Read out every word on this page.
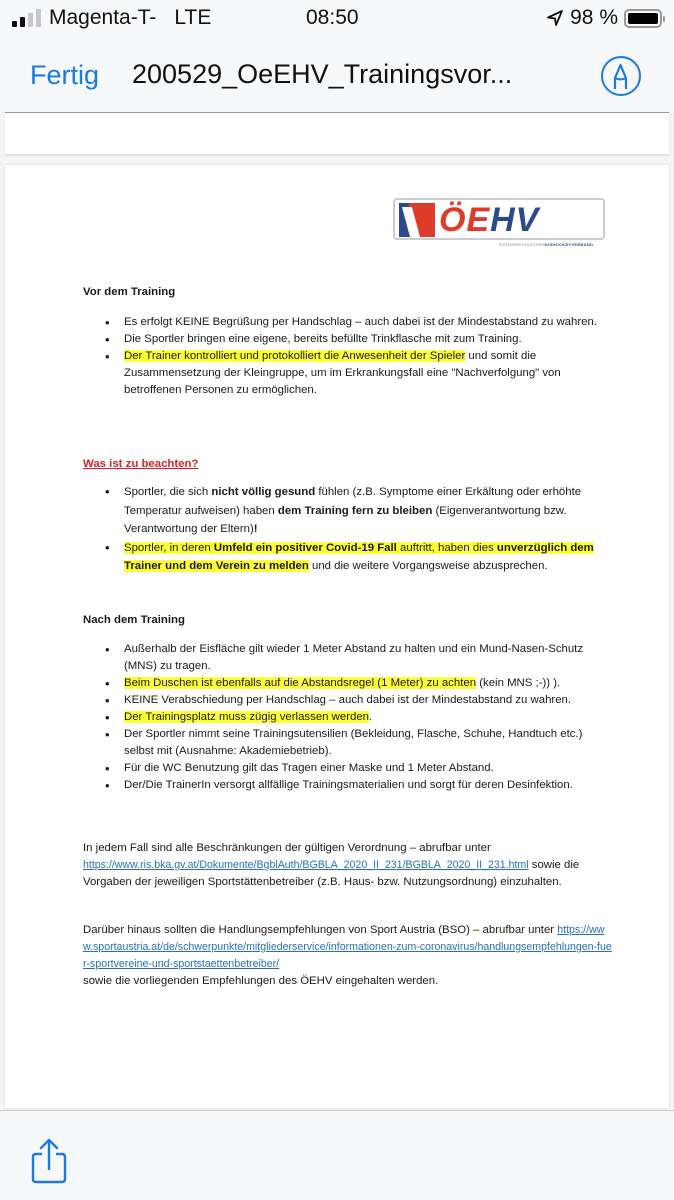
Magenta-T- LTE	08:50	98 %
Fertig 200529_OeEHV_Trainingsvor...
ÖEHV
ÖSTERREICHISCHEREISHOCKEYVERBAND
Vor dem Training
• Es erfolgt KEINE Begrüßung per Handschlag – auch dabei ist der Mindestabstand zu wahren.
• Die Sportler bringen eine eigene, bereits befüllte Trinkflasche mit zum Training.
• Der Trainer kontrolliert und protokolliert die Anwesenheit der Spieler und somit die Zusammensetzung der Kleingruppe, um im Erkrankungsfall eine "Nachverfolgung" von betroffenen Personen zu ermöglichen.
Was ist zu beachten?
• Sportler, die sich nicht völlig gesund fühlen (z.B. Symptome einer Erkältung oder erhöhte Temperatur aufweisen) haben dem Training fern zu bleiben (Eigenverantwortung bzw. Verantwortung der Eltern)!
• Sportler, in deren Umfeld ein positiver Covid-19 Fall auftritt, haben dies unverzüglich dem Trainer und dem Verein zu melden und die weitere Vorgangsweise abzusprechen.
Nach dem Training
• Außerhalb der Eisfläche gilt wieder 1 Meter Abstand zu halten und ein Mund-Nasen-Schutz (MNS) zu tragen.
• Beim Duschen ist ebenfalls auf die Abstandsregel (1 Meter) zu achten (kein MNS ;-)) ).
• KEINE Verabschiedung per Handschlag – auch dabei ist der Mindestabstand zu wahren.
• Der Trainingsplatz muss zügig verlassen werden.
• Der Sportler nimmt seine Trainingsutensilien (Bekleidung, Flasche, Schuhe, Handtuch etc.) selbst mit (Ausnahme: Akademiebetrieb).
• Für die WC Benutzung gilt das Tragen einer Maske und 1 Meter Abstand.
• Der/Die TrainerIn versorgt allfällige Trainingsmaterialien und sorgt für deren Desinfektion.
In jedem Fall sind alle Beschränkungen der gültigen Verordnung – abrufbar unter https://www.ris.bka.gv.at/Dokumente/BgblAuth/BGBLA_2020_II_231/BGBLA_2020_II_231.html sowie die Vorgaben der jeweiligen Sportstättenbetreiber (z.B. Haus- bzw. Nutzungsordnung) einzuhalten.
Darüber hinaus sollten die Handlungsempfehlungen von Sport Austria (BSO) – abrufbar unter https://www.sportaustria.at/de/schwerpunkte/mitgliederservice/informationen-zum-coronavirus/handlungsempfehlungen-fuer-sportvereine-und-sportstaettenbetreiber/
sowie die vorliegenden Empfehlungen des ÖEHV eingehalten werden.
